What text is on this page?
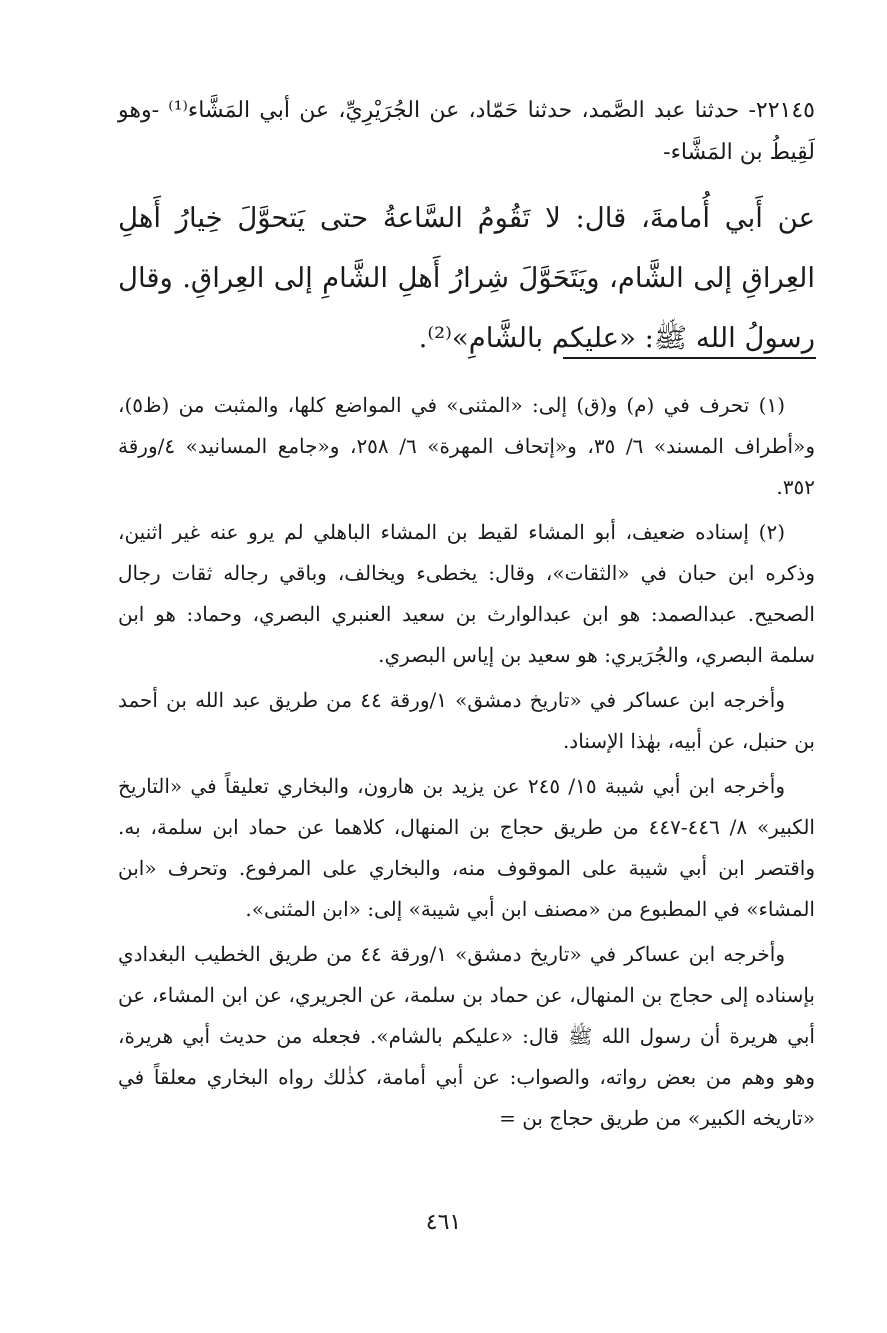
٢٢١٤٥- حدثنا عبد الصَّمد، حدثنا حَمّاد، عن الجُرَيْرِيِّ، عن أبي المَشَّاء⁽¹⁾ -وهو لَقِيطُ بن المَشَّاء-
عن أَبي أُمامةَ، قال: لا تَقُومُ السَّاعةُ حتى يَتحوَّلَ خِيارُ أَهلِ العِراقِ إلى الشَّام، ويَتَحَوَّلَ شِرارُ أَهلِ الشَّامِ إلى العِراقِ. وقال رسولُ الله ﷺ: «عليكم بالشَّامِ»⁽²⁾.

(١) تحرف في (م) و(ق) إلى: «المثنى» في المواضع كلها، والمثبت من (ظ٥)، و«أطراف المسند» ٦/ ٣٥، و«إتحاف المهرة» ٦/ ٢٥٨، و«جامع المسانيد» ٤/ورقة ٣٥٢.

(٢) إسناده ضعيف، أبو المشاء لقيط بن المشاء الباهلي لم يرو عنه غير اثنين، وذكره ابن حبان في «الثقات»، وقال: يخطىء ويخالف، وباقي رجاله ثقات رجال الصحيح. عبدالصمد: هو ابن عبدالوارث بن سعيد العنبري البصري، وحماد: هو ابن سلمة البصري، والجُرَيري: هو سعيد بن إياس البصري.

وأخرجه ابن عساكر في «تاريخ دمشق» ١/ورقة ٤٤ من طريق عبد الله بن أحمد بن حنبل، عن أبيه، بهٰذا الإسناد.

وأخرجه ابن أبي شيبة ١٥/ ٢٤٥ عن يزيد بن هارون، والبخاري تعليقاً في «التاريخ الكبير» ٨/ ٤٤٦-٤٤٧ من طريق حجاج بن المنهال، كلاهما عن حماد ابن سلمة، به. واقتصر ابن أبي شيبة على الموقوف منه، والبخاري على المرفوع. وتحرف «ابن المشاء» في المطبوع من «مصنف ابن أبي شيبة» إلى: «ابن المثنى».

وأخرجه ابن عساكر في «تاريخ دمشق» ١/ورقة ٤٤ من طريق الخطيب البغدادي بإسناده إلى حجاج بن المنهال، عن حماد بن سلمة، عن الجريري، عن ابن المشاء، عن أبي هريرة أن رسول الله ﷺ قال: «عليكم بالشام». فجعله من حديث أبي هريرة، وهو وهم من بعض رواته، والصواب: عن أبي أمامة، كذٰلك رواه البخاري معلقاً في «تاريخه الكبير» من طريق حجاج بن =

٤٦١
